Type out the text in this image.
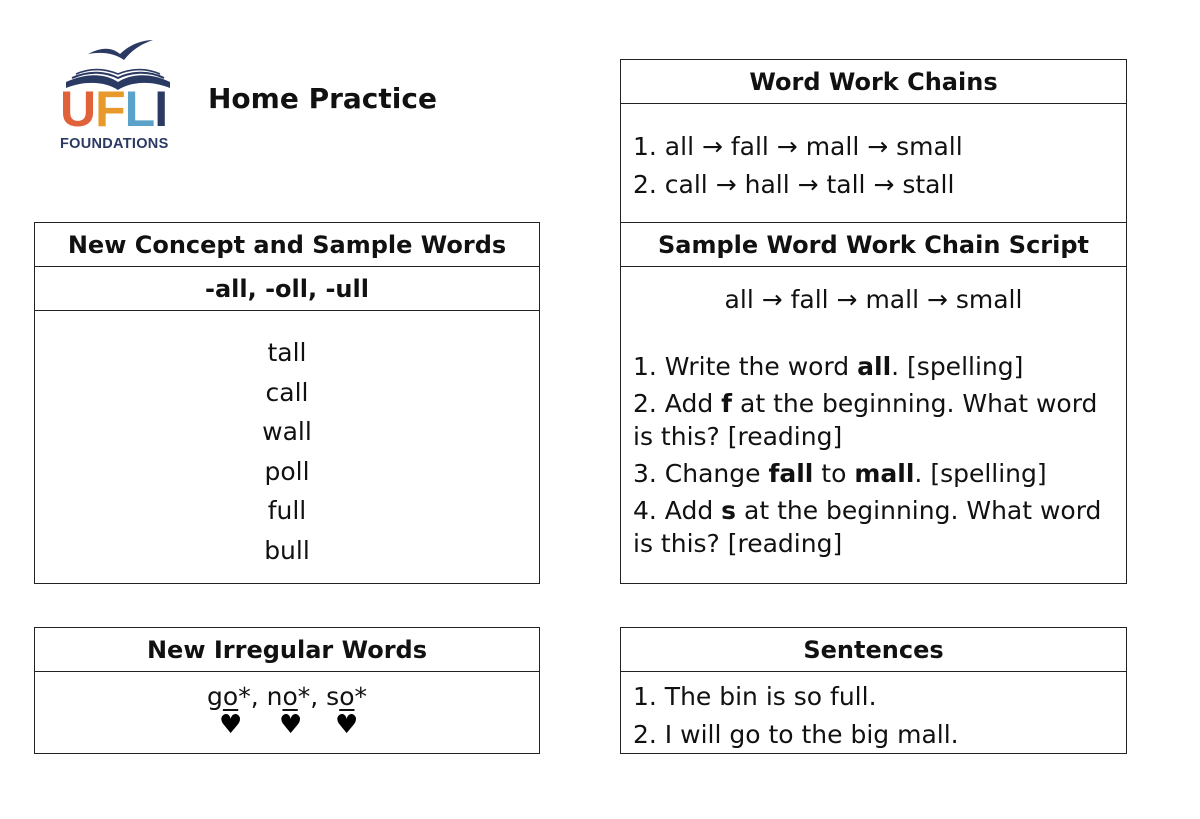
UFLI
FOUNDATIONS
Home Practice
Word Work Chains
1. all → fall → mall → small
2. call → hall → tall → stall
Sample Word Work Chain Script
all → fall → mall → small
1. Write the word all. [spelling]
2. Add f at the beginning. What word is this? [reading]
3. Change fall to mall. [spelling]
4. Add s at the beginning. What word is this? [reading]
New Concept and Sample Words
-all, -oll, -ull
tall
call
wall
poll
full
bull
New Irregular Words
go*, no*, so*
♥ ♥ ♥
Sentences
1. The bin is so full.
2. I will go to the big mall.
